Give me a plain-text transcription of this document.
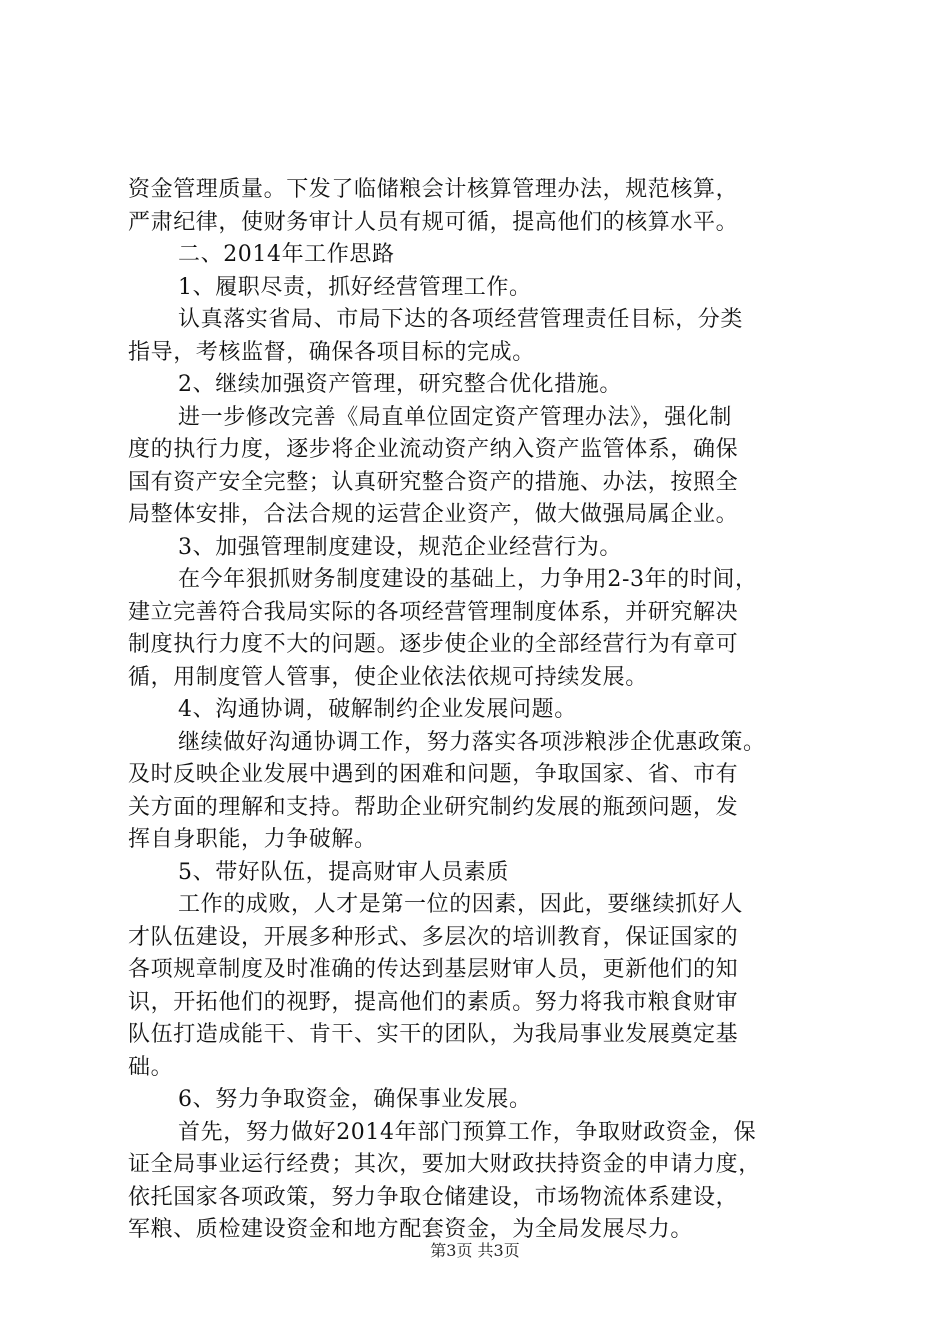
资金管理质量。下发了临储粮会计核算管理办法，规范核算，
严肃纪律，使财务审计人员有规可循，提高他们的核算水平。
二、2014年工作思路
1、履职尽责，抓好经营管理工作。
认真落实省局、市局下达的各项经营管理责任目标，分类
指导，考核监督，确保各项目标的完成。
2、继续加强资产管理，研究整合优化措施。
进一步修改完善《局直单位固定资产管理办法》，强化制
度的执行力度，逐步将企业流动资产纳入资产监管体系，确保
国有资产安全完整；认真研究整合资产的措施、办法，按照全
局整体安排，合法合规的运营企业资产，做大做强局属企业。
3、加强管理制度建设，规范企业经营行为。
在今年狠抓财务制度建设的基础上，力争用2-3年的时间，
建立完善符合我局实际的各项经营管理制度体系，并研究解决
制度执行力度不大的问题。逐步使企业的全部经营行为有章可
循，用制度管人管事，使企业依法依规可持续发展。
4、沟通协调，破解制约企业发展问题。
继续做好沟通协调工作，努力落实各项涉粮涉企优惠政策。
及时反映企业发展中遇到的困难和问题，争取国家、省、市有
关方面的理解和支持。帮助企业研究制约发展的瓶颈问题，发
挥自身职能，力争破解。
5、带好队伍，提高财审人员素质
工作的成败，人才是第一位的因素，因此，要继续抓好人
才队伍建设，开展多种形式、多层次的培训教育，保证国家的
各项规章制度及时准确的传达到基层财审人员，更新他们的知
识，开拓他们的视野，提高他们的素质。努力将我市粮食财审
队伍打造成能干、肯干、实干的团队，为我局事业发展奠定基
础。
6、努力争取资金，确保事业发展。
首先，努力做好2014年部门预算工作，争取财政资金，保
证全局事业运行经费；其次，要加大财政扶持资金的申请力度，
依托国家各项政策，努力争取仓储建设，市场物流体系建设，
军粮、质检建设资金和地方配套资金，为全局发展尽力。
第3页 共3页
